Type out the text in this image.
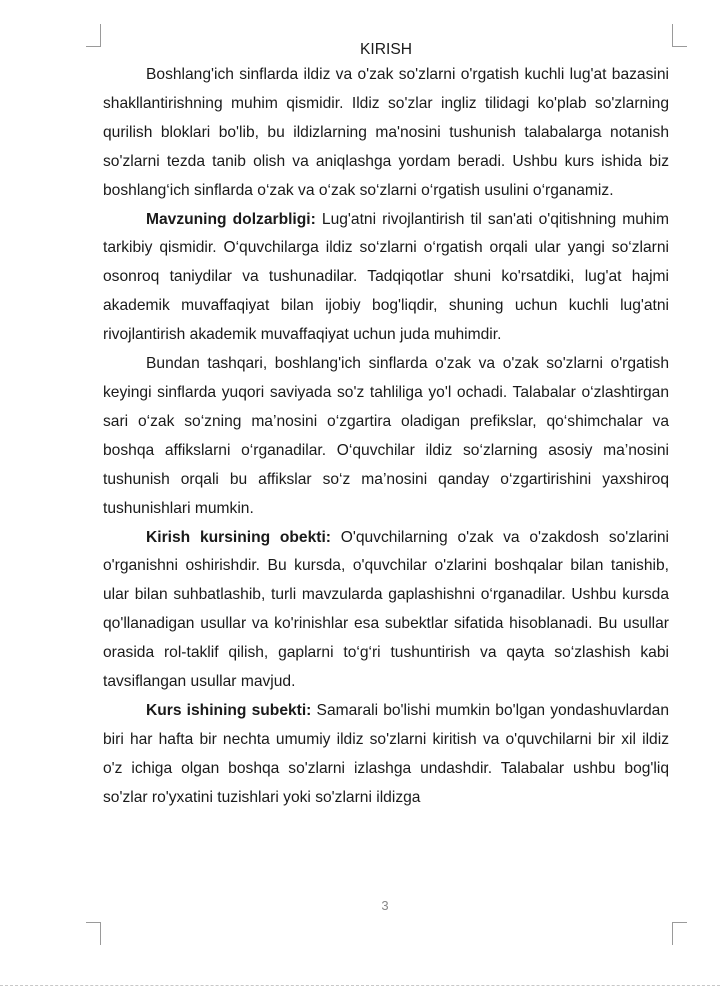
KIRISH

Boshlang'ich sinflarda ildiz va o'zak so'zlarni o'rgatish kuchli lug'at bazasini shakllantirishning muhim qismidir. Ildiz so'zlar ingliz tilidagi ko'plab so'zlarning qurilish bloklari bo'lib, bu ildizlarning ma'nosini tushunish talabalarga notanish so'zlarni tezda tanib olish va aniqlashga yordam beradi. Ushbu kurs ishida biz boshlang‘ich sinflarda o‘zak va o‘zak so‘zlarni o‘rgatish usulini o‘rganamiz.

Mavzuning dolzarbligi: Lug'atni rivojlantirish til san'ati o'qitishning muhim tarkibiy qismidir. O‘quvchilarga ildiz so‘zlarni o‘rgatish orqali ular yangi so‘zlarni osonroq taniydilar va tushunadilar. Tadqiqotlar shuni ko'rsatdiki, lug'at hajmi akademik muvaffaqiyat bilan ijobiy bog'liqdir, shuning uchun kuchli lug'atni rivojlantirish akademik muvaffaqiyat uchun juda muhimdir.

Bundan tashqari, boshlang'ich sinflarda o'zak va o'zak so'zlarni o'rgatish keyingi sinflarda yuqori saviyada so'z tahliliga yo'l ochadi. Talabalar o‘zlashtirgan sari o‘zak so‘zning ma’nosini o‘zgartira oladigan prefikslar, qo‘shimchalar va boshqa affikslarni o‘rganadilar. O‘quvchilar ildiz so‘zlarning asosiy ma’nosini tushunish orqali bu affikslar so‘z ma’nosini qanday o‘zgartirishini yaxshiroq tushunishlari mumkin.

Kirish kursining obekti: O'quvchilarning o'zak va o'zakdosh so'zlarini o'rganishni oshirishdir. Bu kursda, o'quvchilar o'zlarini boshqalar bilan tanishib, ular bilan suhbatlashib, turli mavzularda gaplashishni o‘rganadilar. Ushbu kursda qo'llanadigan usullar va ko'rinishlar esa subektlar sifatida hisoblanadi. Bu usullar orasida rol-taklif qilish, gaplarni to‘g‘ri tushuntirish va qayta so‘zlashish kabi tavsiflangan usullar mavjud.

Kurs ishining subekti: Samarali bo'lishi mumkin bo'lgan yondashuvlardan biri har hafta bir nechta umumiy ildiz so'zlarni kiritish va o'quvchilarni bir xil ildiz o'z ichiga olgan boshqa so'zlarni izlashga undashdir. Talabalar ushbu bog'liq so'zlar ro'yxatini tuzishlari yoki so'zlarni ildizga

3
